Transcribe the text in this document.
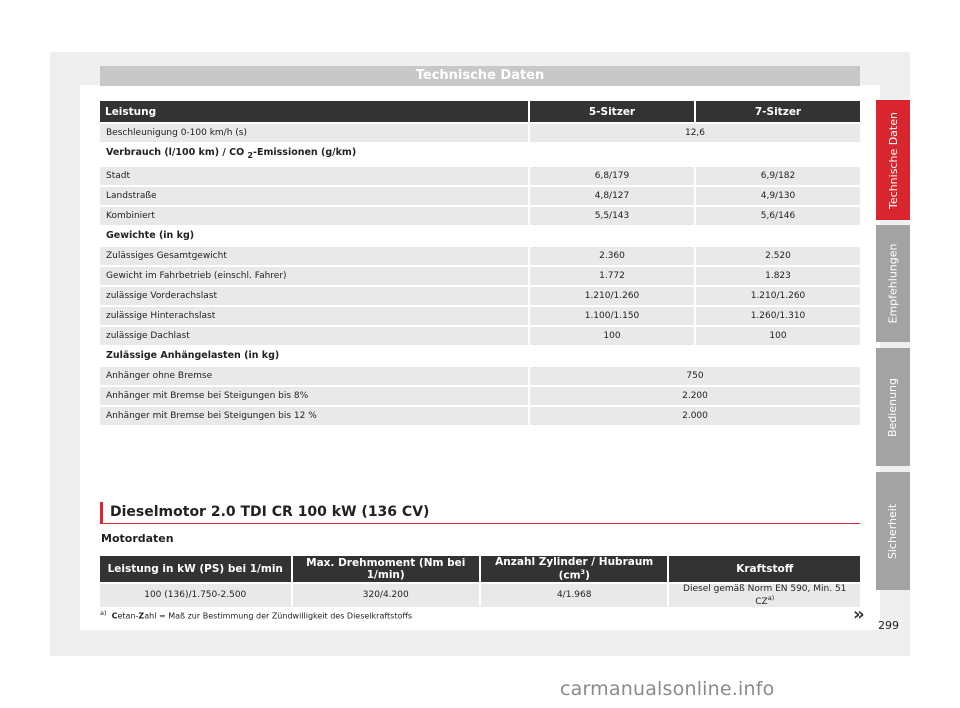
Technische Daten
Leistung	5-Sitzer	7-Sitzer
Beschleunigung 0-100 km/h (s)	12,6	
Verbrauch (l/100 km) / CO $_2$-Emissionen (g/km)		
Stadt	6,8/179	6,9/182
Landstraße	4,8/127	4,9/130
Kombiniert	5,5/143	5,6/146
Gewichte (in kg)		
Zulässiges Gesamtgewicht	2.360	2.520
Gewicht im Fahrbetrieb (einschl. Fahrer)	1.772	1.823
zulässige Vorderachslast	1.210/1.260	1.210/1.260
zulässige Hinterachslast	1.100/1.150	1.260/1.310
zulässige Dachlast	100	100
Zulässige Anhängelasten (in kg)		
Anhänger ohne Bremse	750	
Anhänger mit Bremse bei Steigungen bis 8%	2.200	
Anhänger mit Bremse bei Steigungen bis 12 %	2.000	
Dieselmotor 2.0 TDI CR 100 kW (136 CV)
Motordaten
Leistung in kW (PS) bei 1/min	Max. Drehmoment (Nm bei 1/min)	Anzahl Zylinder / Hubraum $(cm^3)$	Kraftstoff
100 (136)/1.750-2.500	320/4.200	4/1.968	Diesel gemäß Norm EN 590, Min. 51 CZ$^{a)}$
$^{a)}$ Cetan-Zahl = Maß zur Bestimmung der Zündwilligkeit des Dieselkraftstoffs	»
299
Technische Daten
Empfehlungen
Bedienung
Sicherheit
carmanualsonline.info
